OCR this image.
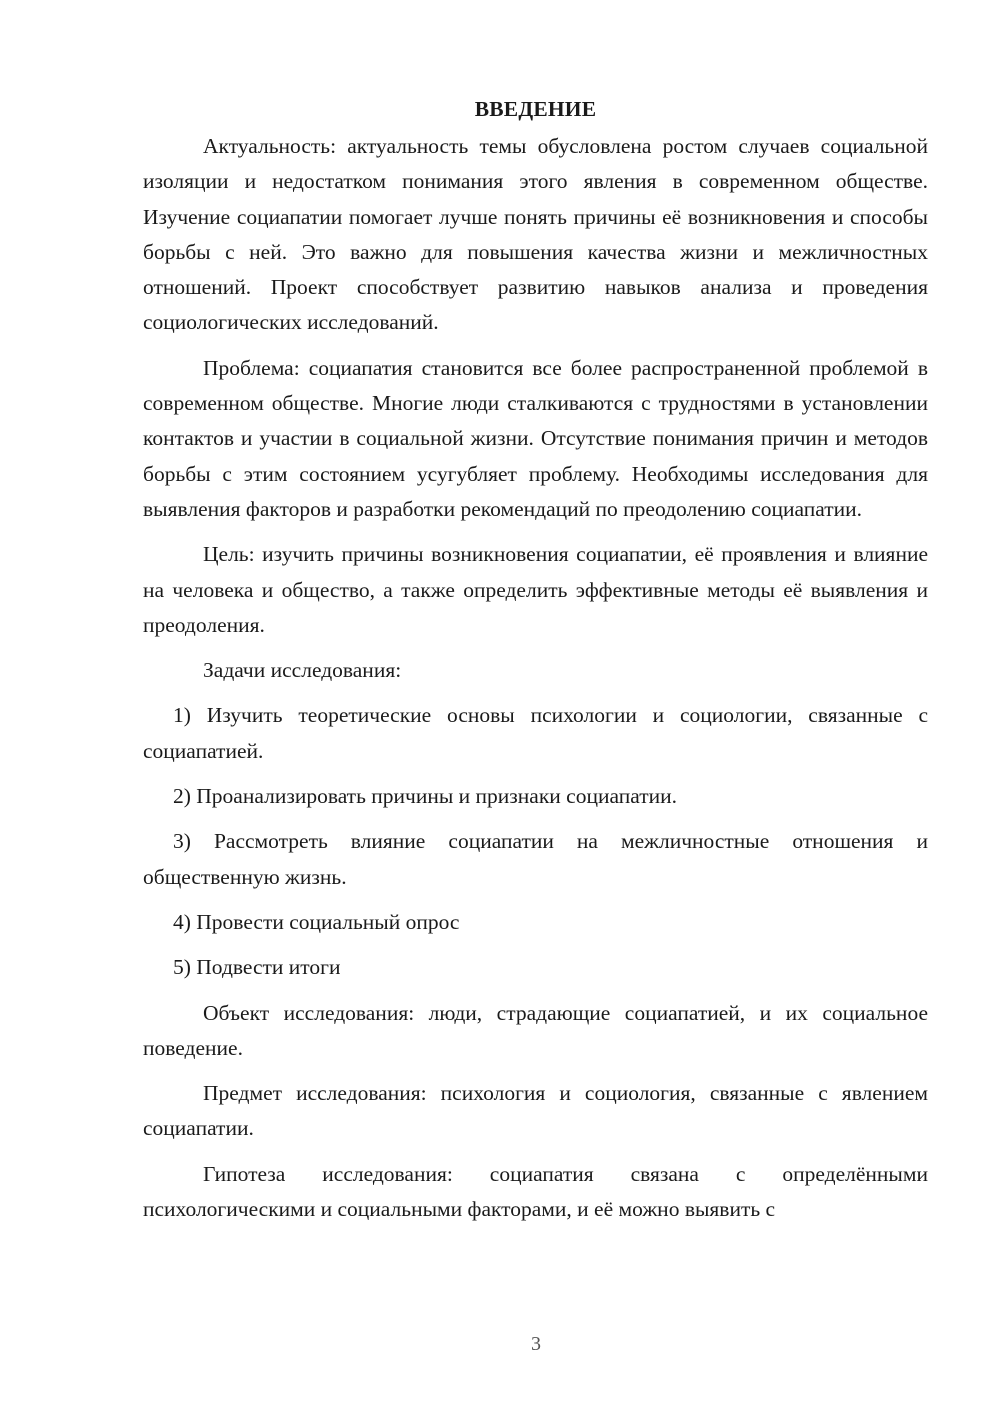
ВВЕДЕНИЕ

Актуальность: актуальность темы обусловлена ростом случаев социальной изоляции и недостатком понимания этого явления в современном обществе. Изучение социапатии помогает лучше понять причины её возникновения и способы борьбы с ней. Это важно для повышения качества жизни и межличностных отношений. Проект способствует развитию навыков анализа и проведения социологических исследований.

Проблема: социапатия становится все более распространенной проблемой в современном обществе. Многие люди сталкиваются с трудностями в установлении контактов и участии в социальной жизни. Отсутствие понимания причин и методов борьбы с этим состоянием усугубляет проблему. Необходимы исследования для выявления факторов и разработки рекомендаций по преодолению социапатии.

Цель: изучить причины возникновения социапатии, её проявления и влияние на человека и общество, а также определить эффективные методы её выявления и преодоления.

Задачи исследования:

1) Изучить теоретические основы психологии и социологии, связанные с социапатией.

2) Проанализировать причины и признаки социапатии.

3) Рассмотреть влияние социапатии на межличностные отношения и общественную жизнь.

4) Провести социальный опрос

5) Подвести итоги

Объект исследования: люди, страдающие социапатией, и их социальное поведение.

Предмет исследования: психология и социология, связанные с явлением социапатии.

Гипотеза исследования: социапатия связана с определёнными психологическими и социальными факторами, и её можно выявить с

3
